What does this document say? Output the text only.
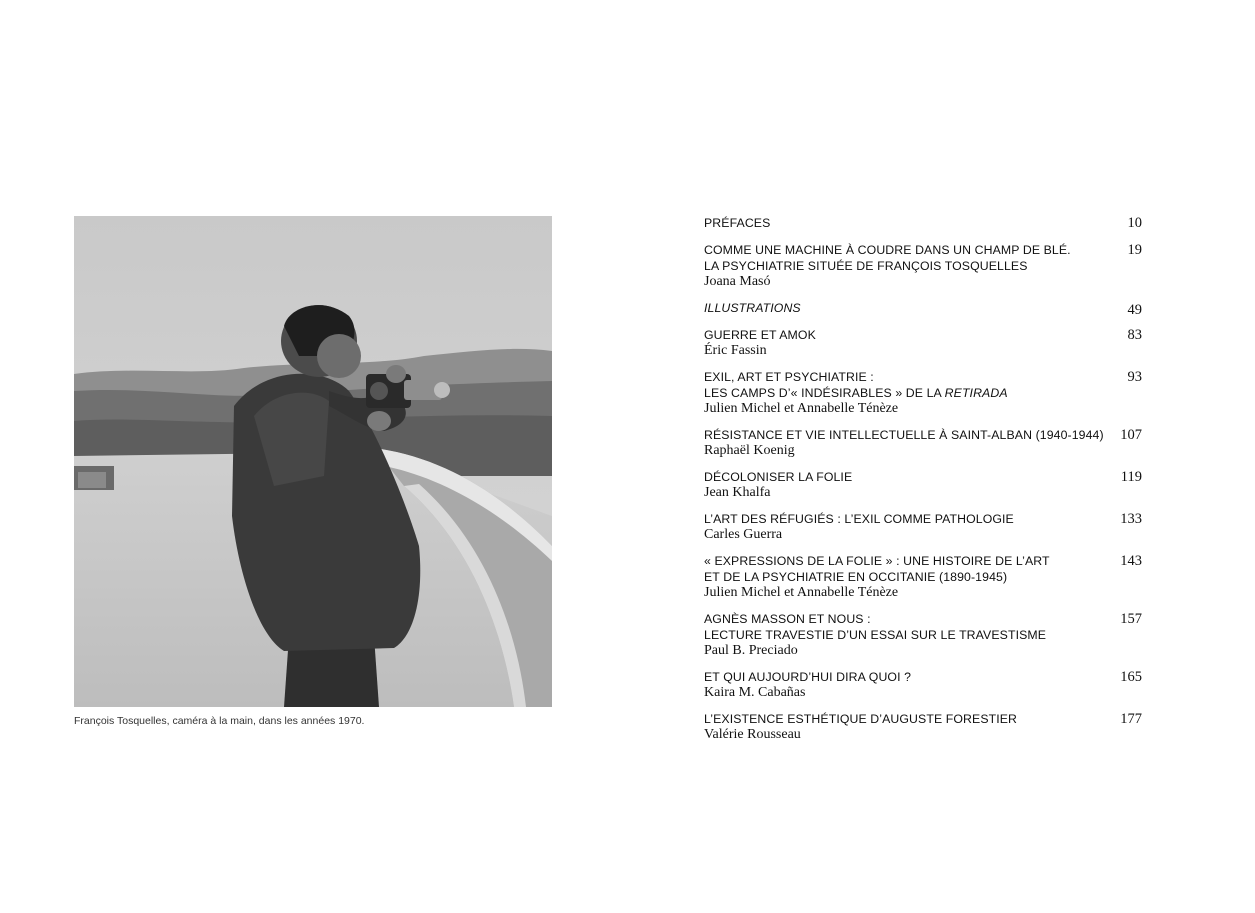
François Tosquelles, caméra à la main, dans les années 1970.
PRÉFACES	10
COMME UNE MACHINE À COUDRE DANS UN CHAMP DE BLÉ.
LA PSYCHIATRIE SITUÉE DE FRANÇOIS TOSQUELLES
Joana Masó
19
ILLUSTRATIONS	49
GUERRE ET AMOK
Éric Fassin
83
EXIL, ART ET PSYCHIATRIE :
LES CAMPS D’« INDÉSIRABLES » DE LA RETIRADA
Julien Michel et Annabelle Ténèze
93
RÉSISTANCE ET VIE INTELLECTUELLE À SAINT-ALBAN (1940-1944)
Raphaël Koenig
107
DÉCOLONISER LA FOLIE
Jean Khalfa
119
L’ART DES RÉFUGIÉS : L’EXIL COMME PATHOLOGIE
Carles Guerra
133
« EXPRESSIONS DE LA FOLIE » : UNE HISTOIRE DE L’ART
ET DE LA PSYCHIATRIE EN OCCITANIE (1890-1945)
Julien Michel et Annabelle Ténèze
143
AGNÈS MASSON ET NOUS :
LECTURE TRAVESTIE D’UN ESSAI SUR LE TRAVESTISME
Paul B. Preciado
157
ET QUI AUJOURD’HUI DIRA QUOI ?
Kaira M. Cabañas
165
L’EXISTENCE ESTHÉTIQUE D’AUGUSTE FORESTIER
Valérie Rousseau
177
